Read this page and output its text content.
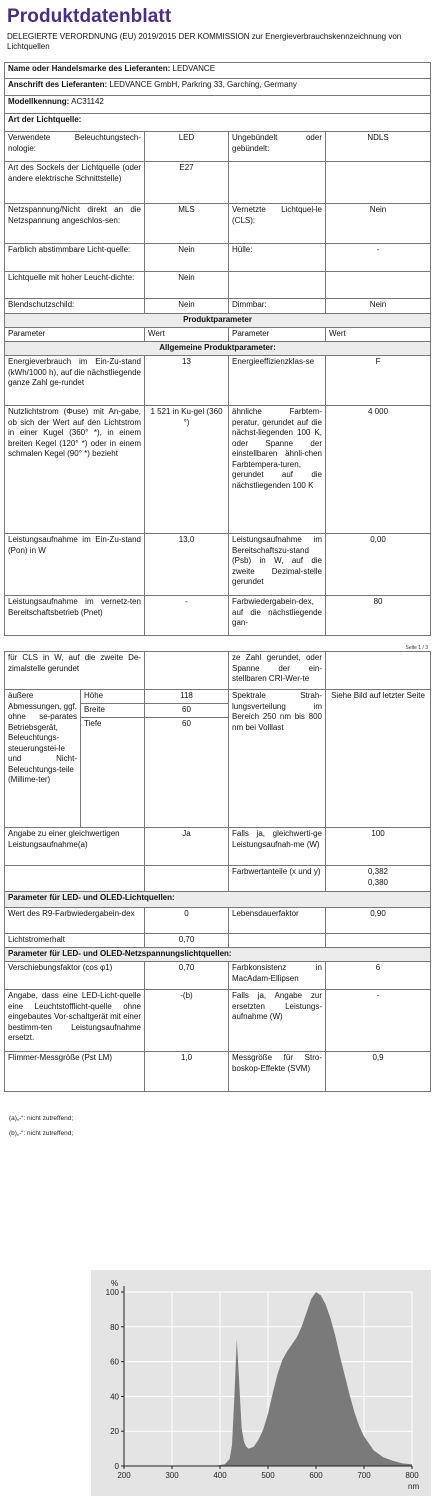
Produktdatenblatt
DELEGIERTE VERORDNUNG (EU) 2019/2015 DER KOMMISSION zur Energieverbrauchskennzeichnung von Lichtquellen
Name oder Handelsmarke des Lieferanten: LEDVANCE			
Anschrift des Lieferanten: LEDVANCE GmbH, Parkring 33, Garching, Germany			
Modellkennung: AC31142			
Art der Lichtquelle:			
Verwendete Beleuchtungstech-nologie:	LED	Ungebündelt oder gebündelt:	NDLS
Art des Sockels der Lichtquelle (oder andere elektrische Schnittstelle)	E27		
Netzspannung/Nicht direkt an die Netzspannung angeschlos-sen:	MLS	Vernetzte Lichtquel-le (CLS):	Nein
Farblich abstimmbare Licht-quelle:	Nein	Hülle:	-
Lichtquelle mit hoher Leucht-dichte:	Nein		
Blendschutzschild:	Nein	Dimmbar:	Nein
Produktparameter			
Parameter	Wert	Parameter	Wert
Allgemeine Produktparameter:			
Energieverbrauch im Ein-Zu-stand (kWh/1000 h), auf die nächstliegende ganze Zahl ge-rundet	13	Energieeffizienzklas-se	F
Nutzlichtstrom (Φuse) mit An-gabe, ob sich der Wert auf den Lichtstrom in einer Kugel (360° *), in einem breiten Kegel (120° *) oder in einem schmalen Kegel (90° *) bezieht	1 521 in Ku-gel (360 °)	ähnliche Farbtem-peratur, gerundet auf die nächst-liegenden 100 K, oder Spanne der einstellbaren ähnli-chen Farbtempera-turen, gerundet auf die nächstliegenden 100 K	4 000
Leistungsaufnahme im Ein-Zu-stand (Pon) in W	13,0	Leistungsaufnahme im Bereitschaftszu-stand (Psb) in W, auf die zweite Dezimal-stelle gerundet	0,00
Leistungsaufnahme im vernetz-ten Bereitschaftsbetrieb (Pnet)	-	Farbwiedergabein-dex, auf die nächstliegende gan-	80
Seite 1 / 3
für CLS in W, auf die zweite De-zimalstelle gerundet			ze Zahl gerundet, oder Spanne der ein-stellbaren CRI-Wer-te	
äußere Abmessungen, ggf. ohne se-parates Betriebsgerät, Beleuchtungs-steuerungstei-le und Nicht-Beleuchtungs-teile (Millime-ter)	Höhe	118	Spektrale Strah-lungsverteilung im Bereich 250 nm bis 800 nm bei Volllast	Siehe Bild auf letzter Seite
	Breite	60		
	Tiefe	60		
Angabe zu einer gleichwertigen Leistungsaufnahme(a)		Ja	Falls ja, gleichwerti-ge Leistungsaufnah-me (W)	100
			Farbwertanteile (x und y)	0,382
0,380

Parameter für LED- und OLED-Lichtquellen:				
Wert des R9-Farbwiedergabein-dex		0	Lebensdauerfaktor	0,90
Lichtstromerhalt		0,70		
Parameter für LED- und OLED-Netzspannungslichtquellen:				
Verschiebungsfaktor (cos φ1)		0,70	Farbkonsistenz in MacAdam-Ellipsen	6
Angabe, dass eine LED-Licht-quelle eine Leuchtstofflicht-quelle ohne eingebautes Vor-schaltgerät mit einer bestimm-ten Leistungsaufnahme ersetzt.		-(b)	Falls ja, Angabe zur ersetzten Leistungs-aufnahme (W)	-
Flimmer-Messgröße (Pst LM)		1,0	Messgröße für Stro-boskop-Effekte (SVM)	0,9
(a)„-“: nicht zutreffend;
(b)„-“: nicht zutreffend;
0
20
40
60
80
100
200	300	400	500	600	700	800
%
nm
